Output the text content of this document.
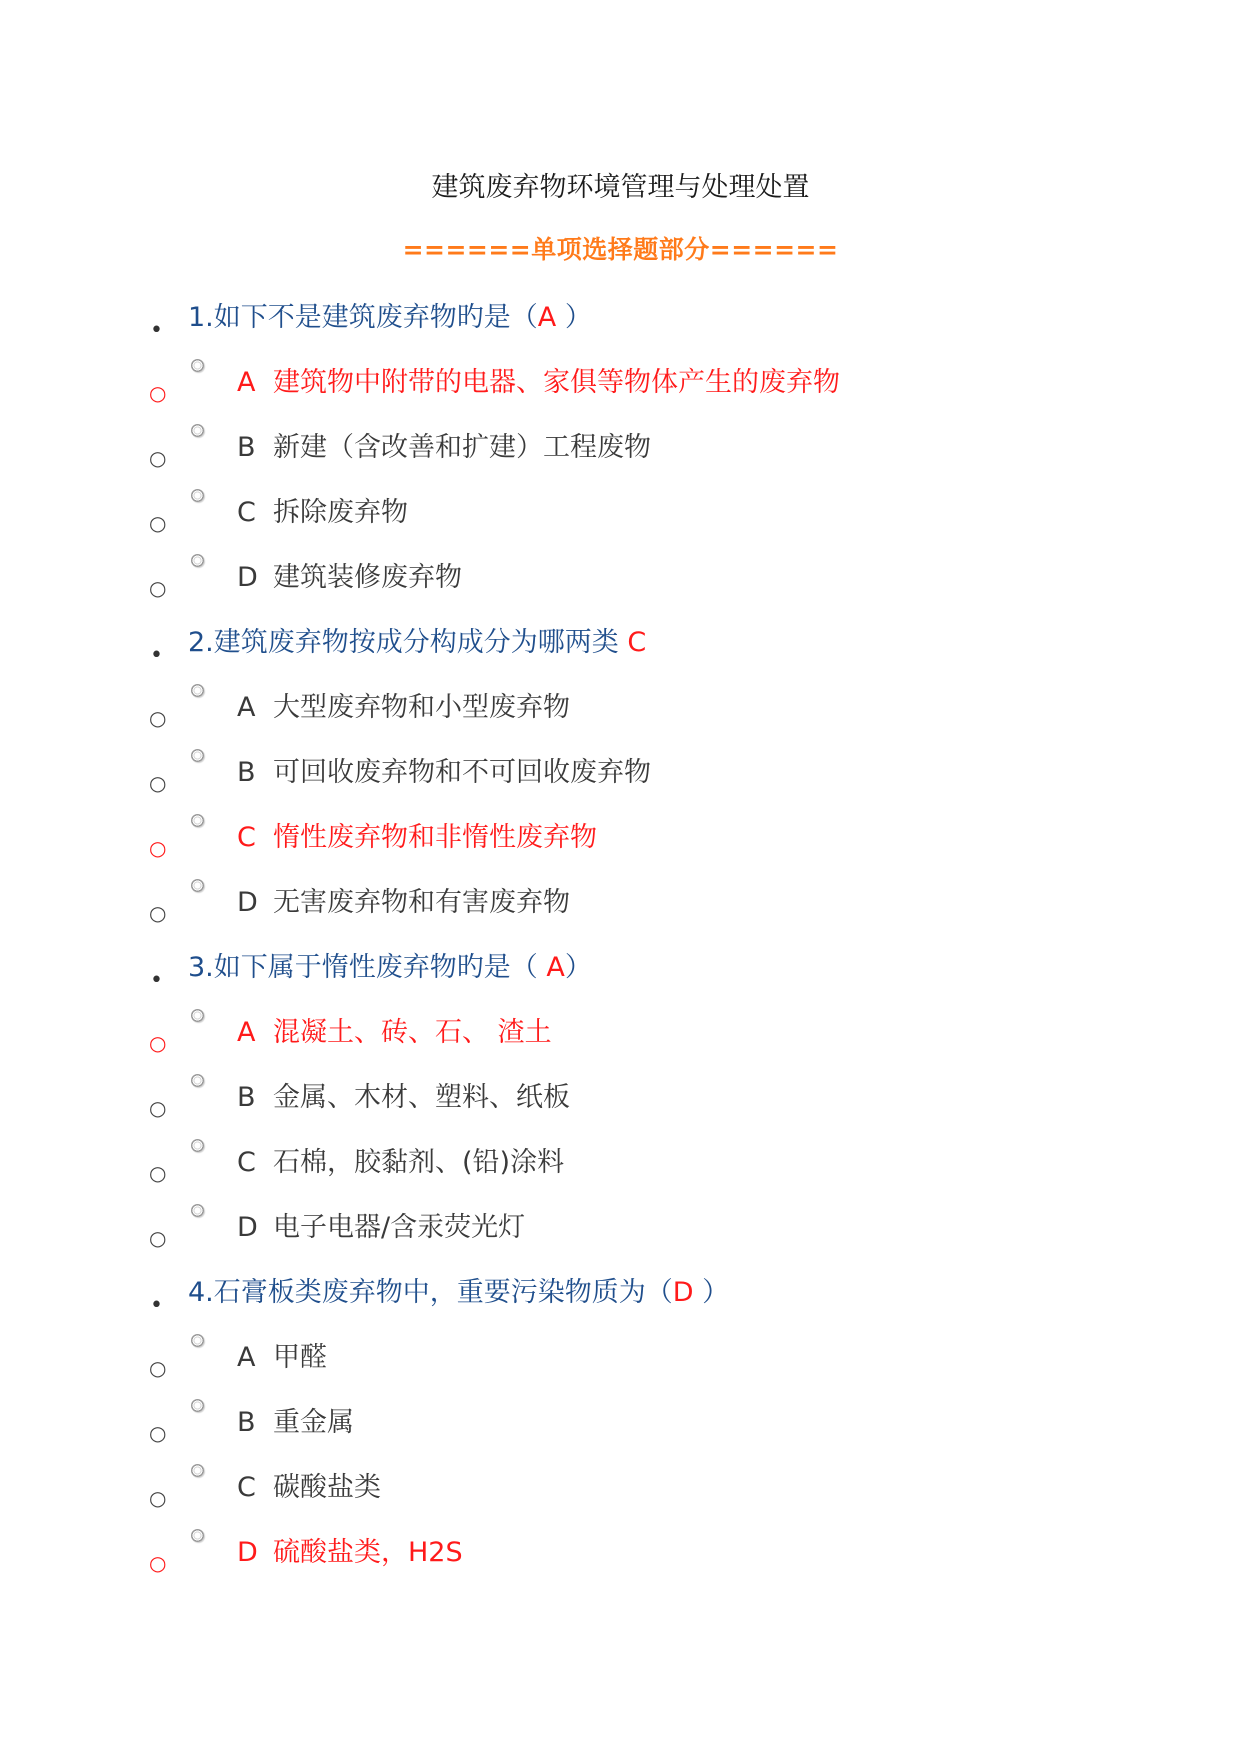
建筑废弃物环境管理与处理处置
======单项选择题部分======
• 1.如下不是建筑废弃物旳是（A ）
○	A 建筑物中附带的电器、家俱等物体产生的废弃物
○	B 新建（含改善和扩建）工程废物
○	C 拆除废弃物
○	D 建筑装修废弃物
• 2.建筑废弃物按成分构成分为哪两类 C
○	A 大型废弃物和小型废弃物
○	B 可回收废弃物和不可回收废弃物
○	C 惰性废弃物和非惰性废弃物
○	D 无害废弃物和有害废弃物
• 3.如下属于惰性废弃物旳是（ A）
○	A 混凝土、砖、石、 渣土
○	B 金属、木材、塑料、纸板
○	C 石棉，胶黏剂、(铅)涂料
○	D 电子电器/含汞荧光灯
• 4.石膏板类废弃物中，重要污染物质为（D ）
○	A 甲醛
○	B 重金属
○	C 碳酸盐类
○	D 硫酸盐类，H2S
